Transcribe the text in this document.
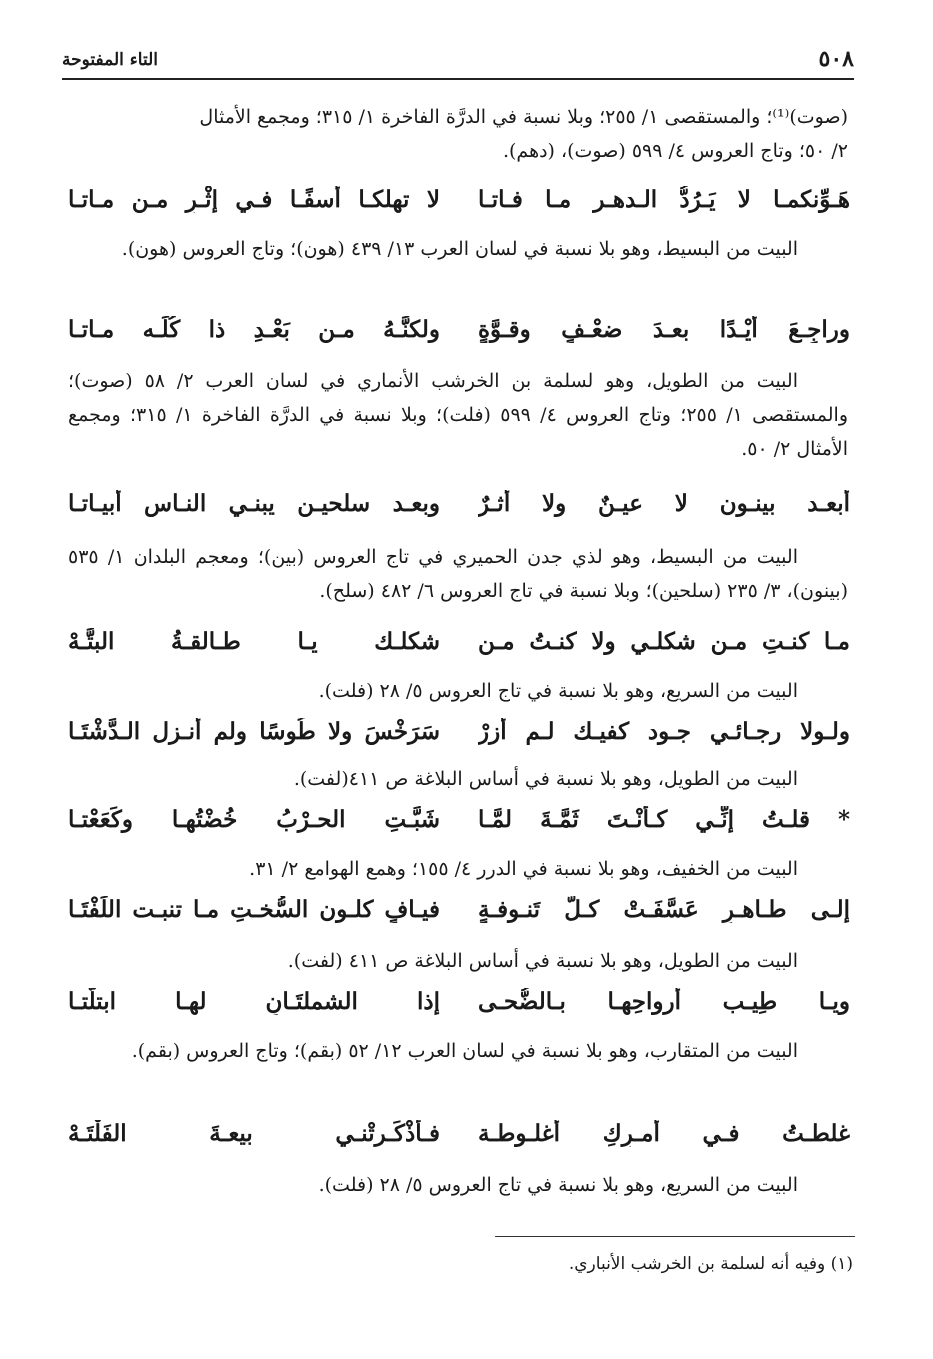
٥٠٨
التاء المفتوحة
(صوت)⁽¹⁾؛ والمستقصى ١/ ٢٥٥؛ وبلا نسبة في الدرَّة الفاخرة ١/ ٣١٥؛ ومجمع الأمثال
٢/ ٥٠؛ وتاج العروس ٤/ ٥٩٩ (صوت)، (دهم).
هَـوِّنكمـا لا يَـرُدُّ الـدهـر مـا فـاتـا
لا تهلكـا أسفًـا فـي إثْـرِ مـن مـاتـا
البيت من البسيط، وهو بلا نسبة في لسان العرب ١٣/ ٤٣٩ (هون)؛ وتاج العروس (هون).
وراجِـعَ أَيْـدًا بعـدَ ضعْـفٍ وقـوَّةٍ
ولكنَّـهُ مـن بَعْـدِ ذا كُلِّـه مـاتـا
البيت من الطويل، وهو لسلمة بن الخرشب الأنماري في لسان العرب ٢/ ٥٨ (صوت)؛ والمستقصى ١/ ٢٥٥؛ وتاج العروس ٤/ ٥٩٩ (فلت)؛ وبلا نسبة في الدرَّة الفاخرة ١/ ٣١٥؛ ومجمع الأمثال ٢/ ٥٠.
أبعـد بينـون لا عيـنٌ ولا أثـرٌ
وبعـد سلحيـن يبنـي النـاس أبيـاتـا
البيت من البسيط، وهو لذي جدن الحميري في تاج العروس (بين)؛ ومعجم البلدان ١/ ٥٣٥ (بينون)، ٣/ ٢٣٥ (سلحين)؛ وبلا نسبة في تاج العروس ٦/ ٤٨٢ (سلح).
مـا كنـتِ مـن شكلـي ولا كنـتُ مـن
شكلـك يـا طـالقـةُ البتَّـهْ
البيت من السريع، وهو بلا نسبة في تاج العروس ٥/ ٢٨ (فلت).
ولـولا رجـائـي جـود كفيـك لـم أزرْ
سَرَخْسَ ولا طُوسًا ولم أنـزل الـدَّشْتَـا
البيت من الطويل، وهو بلا نسبة في أساس البلاغة ص ٤١١(لفت).
* قلـتُ إنِّـي كـأَنْـتَ ثَمَّـةَ لمَّـا
شَبَّـتِ الحـرْبُ خُضْتُهـا وكَعَعْتـا
البيت من الخفيف، وهو بلا نسبة في الدرر ٤/ ١٥٥؛ وهمع الهوامع ٢/ ٣١.
إلـى طـاهـرٍ عَسَّفَـتْ كـلَّ تَنـوفـةٍ
فيـافٍ كلـون السُّخـتِ مـا تنبـت اللِّفْتَـا
البيت من الطويل، وهو بلا نسبة في أساس البلاغة ص ٤١١ (لفت).
ويـا طِيـب أرواحِهـا بـالضُّحـى
إذا الشملتَـانِ لهـا ابتلَّتـا
البيت من المتقارب، وهو بلا نسبة في لسان العرب ١٢/ ٥٢ (بقم)؛ وتاج العروس (بقم).
غلطـتُ فـي أمـرِكِ أغلـوطـة
فـأذْكَـرتْنـي بيعـةَ الفَلْتَـهْ
البيت من السريع، وهو بلا نسبة في تاج العروس ٥/ ٢٨ (فلت).
(١) وفيه أنه لسلمة بن الخرشب الأنباري.
